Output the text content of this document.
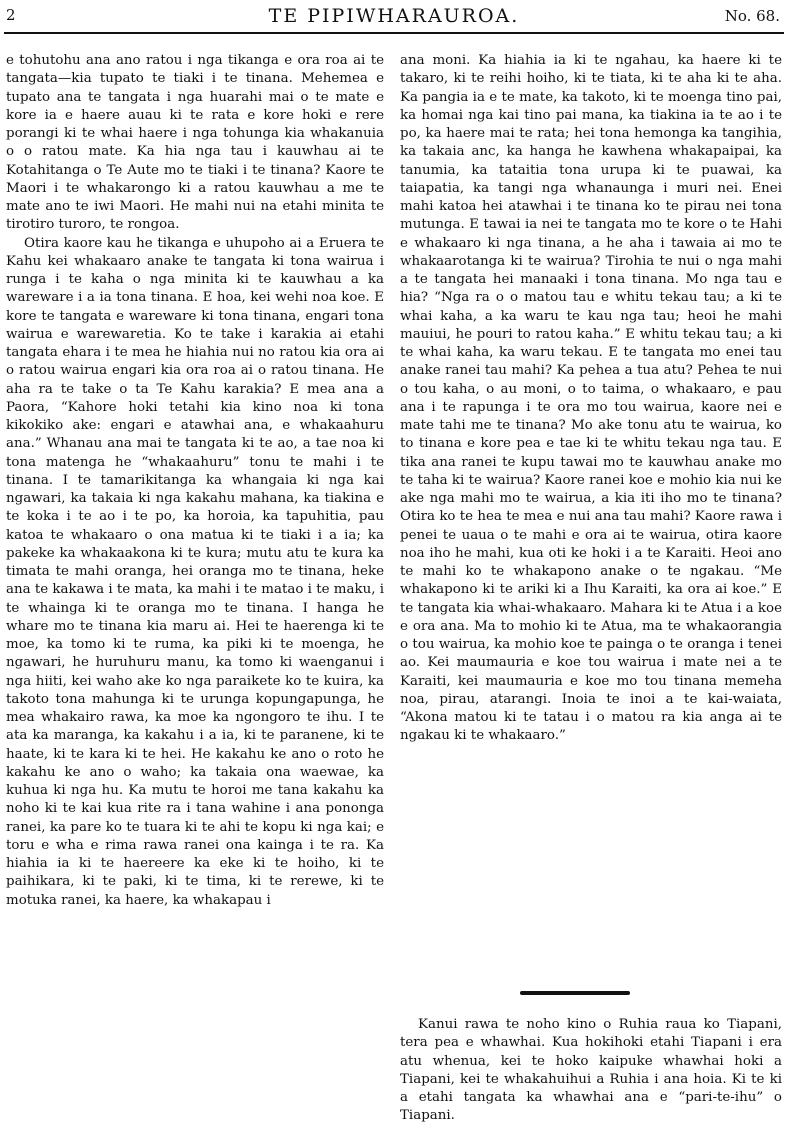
2	TE PIPIWHARAUROA.	No. 68.

e tohutohu ana ano ratou i nga tikanga e ora roa ai te tangata—kia tupato te tiaki i te tinana. Mehemea e tupato ana te tangata i nga huarahi mai o te mate e kore ia e haere auau ki te rata e kore hoki e rere porangi ki te whai haere i nga tohunga kia whakanuia o o ratou mate. Ka hia nga tau i kauwhau ai te Kotahitanga o Te Aute mo te tiaki i te tinana? Kaore te Maori i te whakarongo ki a ratou kauwhau a me te mate ano te iwi Maori. He mahi nui na etahi minita te tirotiro turoro, te rongoa.

Otira kaore kau he tikanga e uhupoho ai a Eruera te Kahu kei whakaaro anake te tangata ki tona wairua i runga i te kaha o nga minita ki te kauwhau a ka wareware i a ia tona tinana. E hoa, kei wehi noa koe. E kore te tangata e wareware ki tona tinana, engari tona wairua e warewaretia. Ko te take i karakia ai etahi tangata ehara i te mea he hiahia nui no ratou kia ora ai o ratou wairua engari kia ora roa ai o ratou tinana. He aha ra te take o ta Te Kahu karakia? E mea ana a Paora, “Kahore hoki tetahi kia kino noa ki tona kikokiko ake: engari e atawhai ana, e whakaahuru ana.” Whanau ana mai te tangata ki te ao, a tae noa ki tona matenga he “whakaahuru” tonu te mahi i te tinana. I te tamarikitanga ka whangaia ki nga kai ngawari, ka takaia ki nga kakahu mahana, ka tiakina e te koka i te ao i te po, ka horoia, ka tapuhitia, pau katoa te whakaaro o ona matua ki te tiaki i a ia; ka pakeke ka whakaakona ki te kura; mutu atu te kura ka timata te mahi oranga, hei oranga mo te tinana, heke ana te kakawa i te mata, ka mahi i te matao i te maku, i te whainga ki te oranga mo te tinana. I hanga he whare mo te tinana kia maru ai. Hei te haerenga ki te moe, ka tomo ki te ruma, ka piki ki te moenga, he ngawari, he huruhuru manu, ka tomo ki waenganui i nga hiiti, kei waho ake ko nga paraikete ko te kuira, ka takoto tona mahunga ki te urunga kopungapunga, he mea whakairo rawa, ka moe ka ngongoro te ihu. I te ata ka maranga, ka kakahu i a ia, ki te paranene, ki te haate, ki te kara ki te hei. He kakahu ke ano o roto he kakahu ke ano o waho; ka takaia ona waewae, ka kuhua ki nga hu. Ka mutu te horoi me tana kakahu ka noho ki te kai kua rite ra i tana wahine i ana pononga ranei, ka pare ko te tuara ki te ahi te kopu ki nga kai; e toru e wha e rima rawa ranei ona kainga i te ra. Ka hiahia ia ki te haereere ka eke ki te hoiho, ki te paihikara, ki te paki, ki te tima, ki te rerewe, ki te motuka ranei, ka haere, ka whakapau i

ana moni. Ka hiahia ia ki te ngahau, ka haere ki te takaro, ki te reihi hoiho, ki te tiata, ki te aha ki te aha. Ka pangia ia e te mate, ka takoto, ki te moenga tino pai, ka homai nga kai tino pai mana, ka tiakina ia te ao i te po, ka haere mai te rata; hei tona hemonga ka tangihia, ka takaia anc, ka hanga he kawhena whakapaipai, ka tanumia, ka tataitia tona urupa ki te puawai, ka taiapatia, ka tangi nga whanaunga i muri nei. Enei mahi katoa hei atawhai i te tinana ko te pirau nei tona mutunga. E tawai ia nei te tangata mo te kore o te Hahi e whakaaro ki nga tinana, a he aha i tawaia ai mo te whakaarotanga ki te wairua? Tirohia te nui o nga mahi a te tangata hei manaaki i tona tinana. Mo nga tau e hia? “Nga ra o o matou tau e whitu tekau tau; a ki te whai kaha, a ka waru te kau nga tau; heoi he mahi mauiui, he pouri to ratou kaha.” E whitu tekau tau; a ki te whai kaha, ka waru tekau. E te tangata mo enei tau anake ranei tau mahi? Ka pehea a tua atu? Pehea te nui o tou kaha, o au moni, o to taima, o whakaaro, e pau ana i te rapunga i te ora mo tou wairua, kaore nei e mate tahi me te tinana? Mo ake tonu atu te wairua, ko to tinana e kore pea e tae ki te whitu tekau nga tau. E tika ana ranei te kupu tawai mo te kauwhau anake mo te taha ki te wairua? Kaore ranei koe e mohio kia nui ke ake nga mahi mo te wairua, a kia iti iho mo te tinana? Otira ko te hea te mea e nui ana tau mahi? Kaore rawa i penei te uaua o te mahi e ora ai te wairua, otira kaore noa iho he mahi, kua oti ke hoki i a te Karaiti. Heoi ano te mahi ko te whakapono anake o te ngakau. “Me whakapono ki te ariki ki a Ihu Karaiti, ka ora ai koe.” E te tangata kia whai-whakaaro. Mahara ki te Atua i a koe e ora ana. Ma to mohio ki te Atua, ma te whakaorangia o tou wairua, ka mohio koe te painga o te oranga i tenei ao. Kei maumauria e koe tou wairua i mate nei a te Karaiti, kei maumauria e koe mo tou tinana memeha noa, pirau, atarangi. Inoia te inoi a te kai-waiata, “Akona matou ki te tatau i o matou ra kia anga ai te ngakau ki te whakaaro.”

Kanui rawa te noho kino o Ruhia raua ko Tiapani, tera pea e whawhai. Kua hokihoki etahi Tiapani i era atu whenua, kei te hoko kaipuke whawhai hoki a Tiapani, kei te whakahuihui a Ruhia i ana hoia. Ki te ki a etahi tangata ka whawhai ana e “pari-te-ihu” o Tiapani.
